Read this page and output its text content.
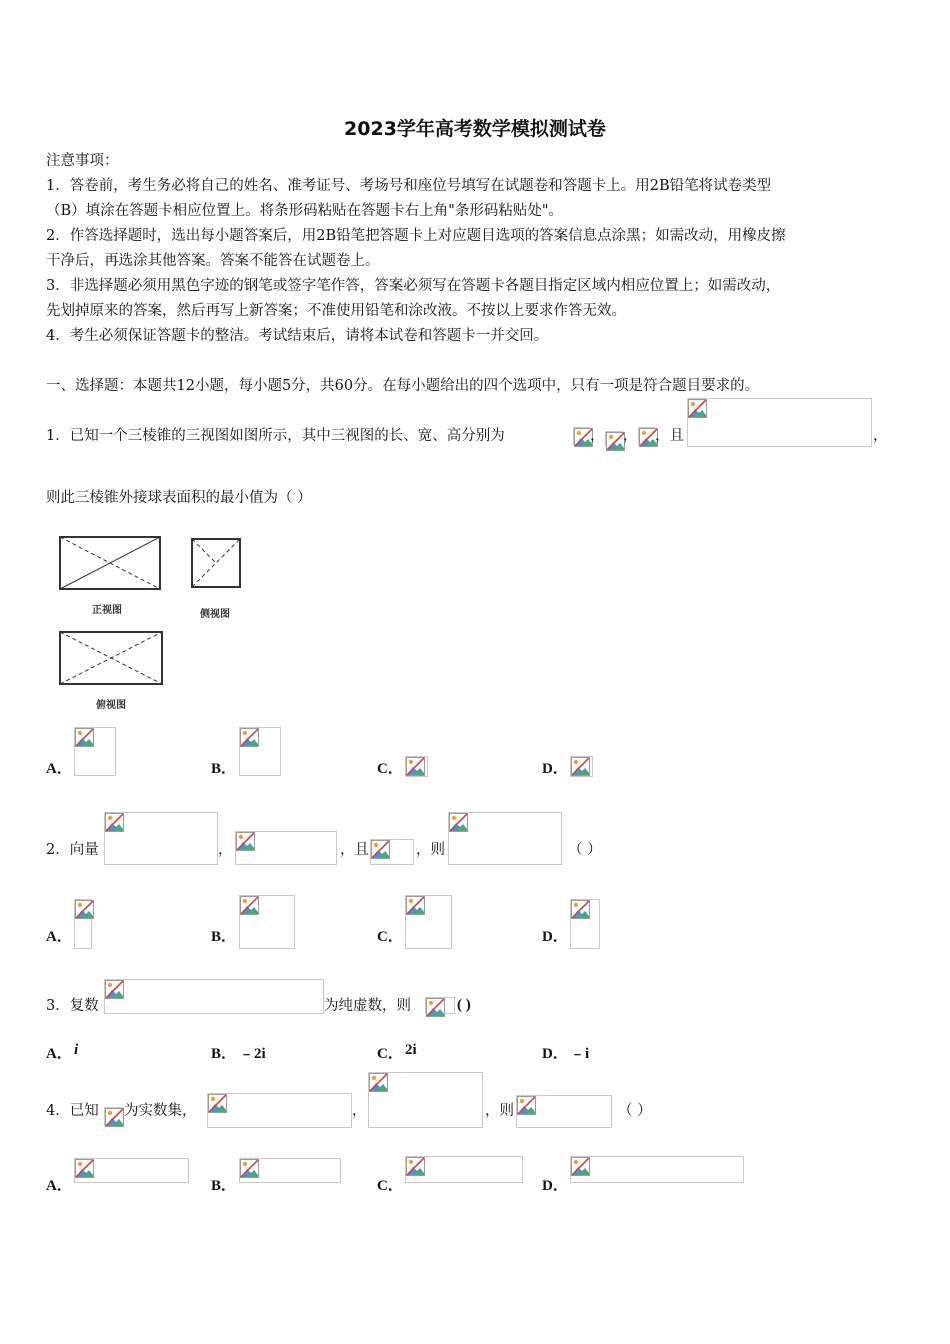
2023学年高考数学模拟测试卷
注意事项：
1．答卷前，考生务必将自己的姓名、准考证号、考场号和座位号填写在试题卷和答题卡上。用2B铅笔将试卷类型
（B）填涂在答题卡相应位置上。将条形码粘贴在答题卡右上角"条形码粘贴处"。
2．作答选择题时，选出每小题答案后，用2B铅笔把答题卡上对应题目选项的答案信息点涂黑；如需改动，用橡皮擦
干净后，再选涂其他答案。答案不能答在试题卷上。
3．非选择题必须用黑色字迹的钢笔或签字笔作答，答案必须写在答题卡各题目指定区域内相应位置上；如需改动，
先划掉原来的答案，然后再写上新答案；不准使用铅笔和涂改液。不按以上要求作答无效。
4．考生必须保证答题卡的整洁。考试结束后，请将本试卷和答题卡一并交回。
一、选择题：本题共12小题，每小题5分，共60分。在每小题给出的四个选项中，只有一项是符合题目要求的。
1．已知一个三棱锥的三视图如图所示，其中三视图的长、宽、高分别为	， ， ，且	，
则此三棱锥外接球表面积的最小值为（ ）
正视图	侧视图
俯视图
A．	B．	C．	D．
2．向量	，	，且	，则	（ ）
A．	B．	C．	D．
3．复数	为纯虚数，则	( )
A． i	B． ﹣2i	C． 2i	D． ﹣i
4．已知 为实数集，	，	，则	（ ）
A．	B．	C．	D．
